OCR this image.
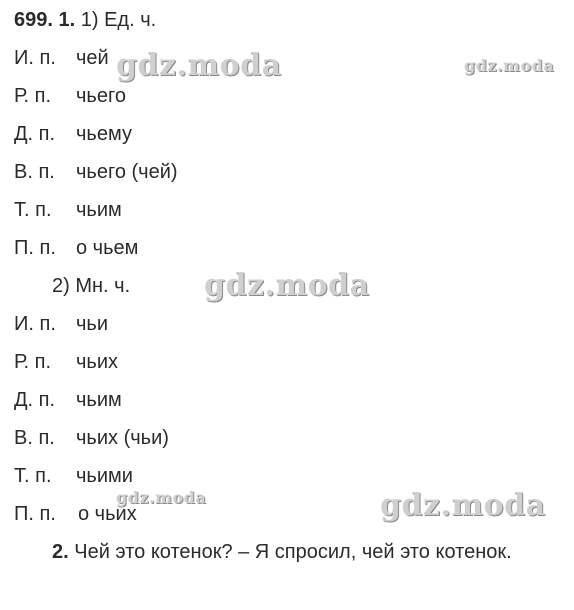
699. 1. 1) Ед. ч.
И. п. чей
Р. п. чьего
Д. п. чьему
В. п. чьего (чей)
Т. п. чьим
П. п. о чьем
2) Мн. ч.
И. п. чьи
Р. п. чьих
Д. п. чьим
В. п. чьих (чьи)
Т. п. чьими
П. п. о чьих
2. Чей это котенок? – Я спросил, чей это котенок.
gdz.moda	gdz.moda
gdz.moda
gdz.moda	gdz.moda
